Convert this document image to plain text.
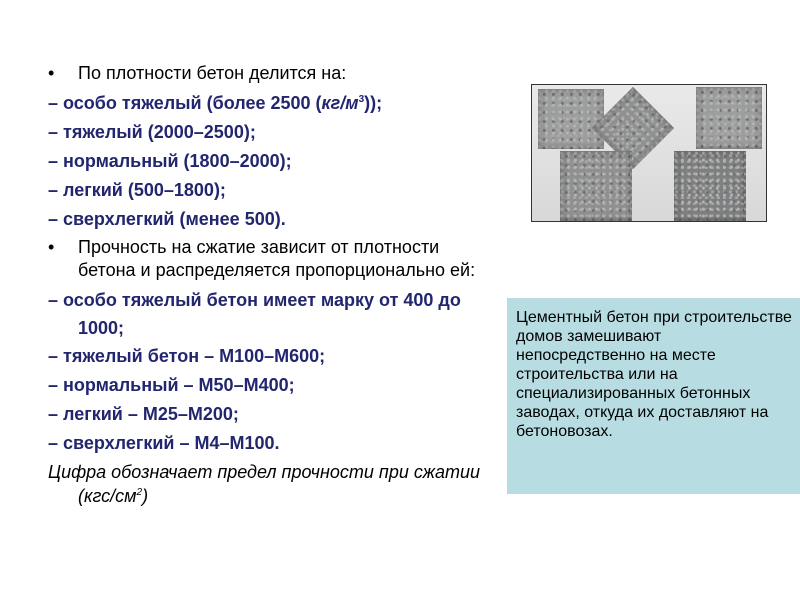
• По плотности бетон делится на:
– особо тяжелый (более 2500 $(кг/м^3)$);
– тяжелый (2000–2500);
– нормальный (1800–2000);
– легкий (500–1800);
– сверхлегкий (менее 500).
• Прочность на сжатие зависит от плотности бетона и распределяется пропорционально ей:
– особо тяжелый бетон имеет марку от 400 до 1000;
– тяжелый бетон – М100–М600;
– нормальный – М50–М400;
– легкий – М25–М200;
– сверхлегкий – М4–М100.
Цифра обозначает предел прочности при сжатии $(кгс/см^2)$
Цементный бетон при строительстве домов замешивают непосредственно на месте строительства или на специализированных бетонных заводах, откуда их доставляют на бетоновозах.
